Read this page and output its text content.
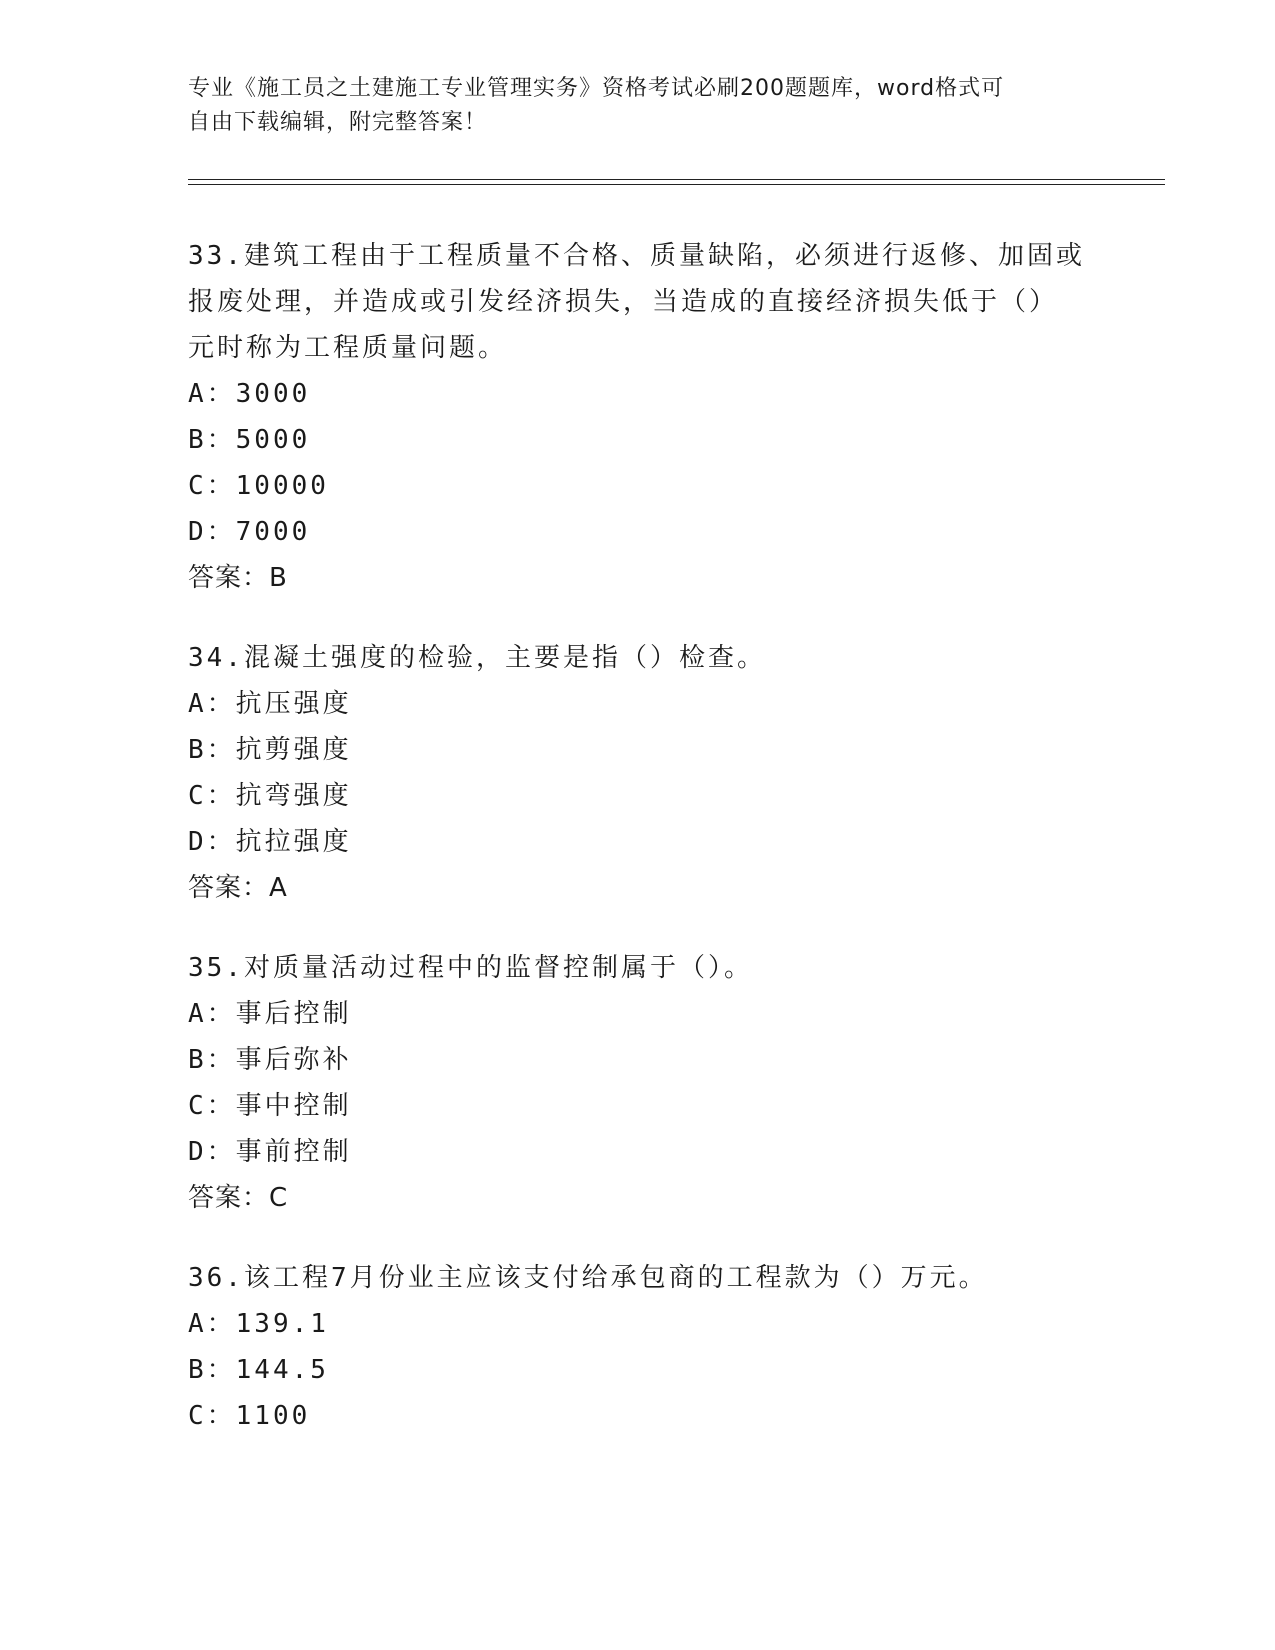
专业《施工员之土建施工专业管理实务》资格考试必刷200题题库，word格式可
自由下载编辑，附完整答案！

33.建筑工程由于工程质量不合格、质量缺陷，必须进行返修、加固或

报废处理，并造成或引发经济损失，当造成的直接经济损失低于（）

元时称为工程质量问题。

A：3000

B：5000

C：10000

D：7000

答案：B

34.混凝土强度的检验，主要是指（）检查。

A：抗压强度

B：抗剪强度

C：抗弯强度

D：抗拉强度

答案：A

35.对质量活动过程中的监督控制属于（）。

A：事后控制

B：事后弥补

C：事中控制

D：事前控制

答案：C

36.该工程7月份业主应该支付给承包商的工程款为（）万元。

A：139.1

B：144.5

C：1100
